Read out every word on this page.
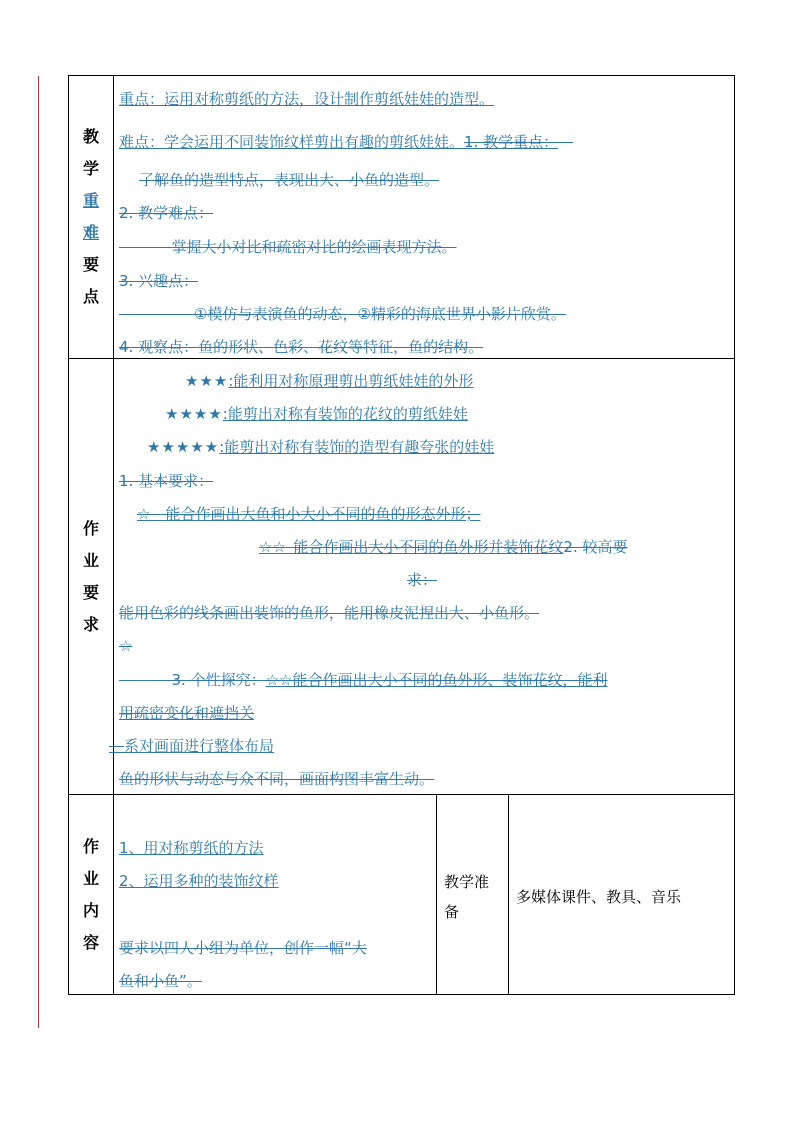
教
学
重
难
要
点
重点：运用对称剪纸的方法，设计制作剪纸娃娃的造型。
难点：学会运用不同装饰纹样剪出有趣的剪纸娃娃。1. 教学重点： 
了解鱼的造型特点，表现出大、小鱼的造型。
2. 教学难点：
    掌握大小对比和疏密对比的绘画表现方法。
3. 兴趣点：
     ①模仿与表演鱼的动态，②精彩的海底世界小影片欣赏。
4. 观察点：鱼的形状、色彩、花纹等特征，鱼的结构。
作
业
要
求
★★★:能利用对称原理剪出剪纸娃娃的外形
★★★★:能剪出对称有装饰的花纹的剪纸娃娃
★★★★★:能剪出对称有装饰的造型有趣夸张的娃娃
1. 基本要求：
☆  能合作画出大鱼和小大小不同的鱼的形态外形；
☆☆  能合作画出大小不同的鱼外形并装饰花纹2. 较高要
求：
能用色彩的线条画出装饰的鱼形，能用橡皮泥捏出大、小鱼形。
☆
    3. 个性探究：☆☆能合作画出大小不同的鱼外形、装饰花纹，能利
用疏密变化和遮挡关
 系对画面进行整体布局
鱼的形状与动态与众不同，画面构图丰富生动。
作
业
内
容
1、用对称剪纸的方法
2、运用多种的装饰纹样
要求以四人小组为单位，创作一幅“大
鱼和小鱼”。
教学准
备
多媒体课件、教具、音乐
